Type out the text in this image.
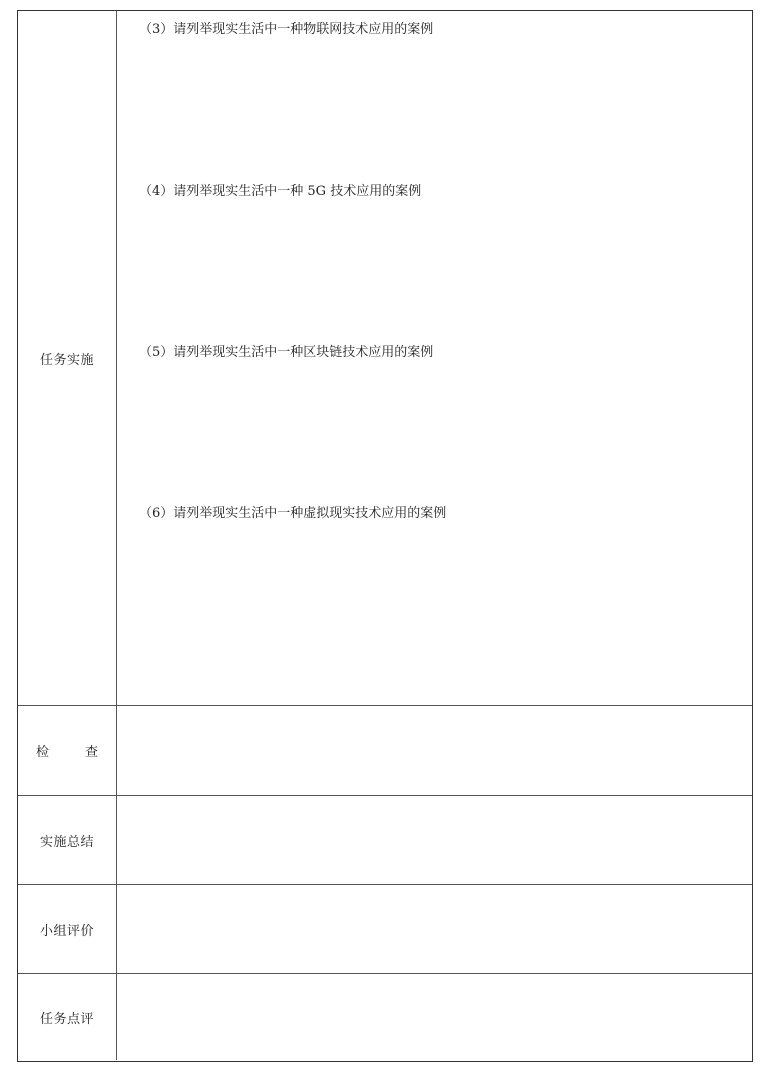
任务实施
（3）请列举现实生活中一种物联网技术应用的案例
（4）请列举现实生活中一种 5G 技术应用的案例
（5）请列举现实生活中一种区块链技术应用的案例
（6）请列举现实生活中一种虚拟现实技术应用的案例
检	查
实施总结
小组评价
任务点评
